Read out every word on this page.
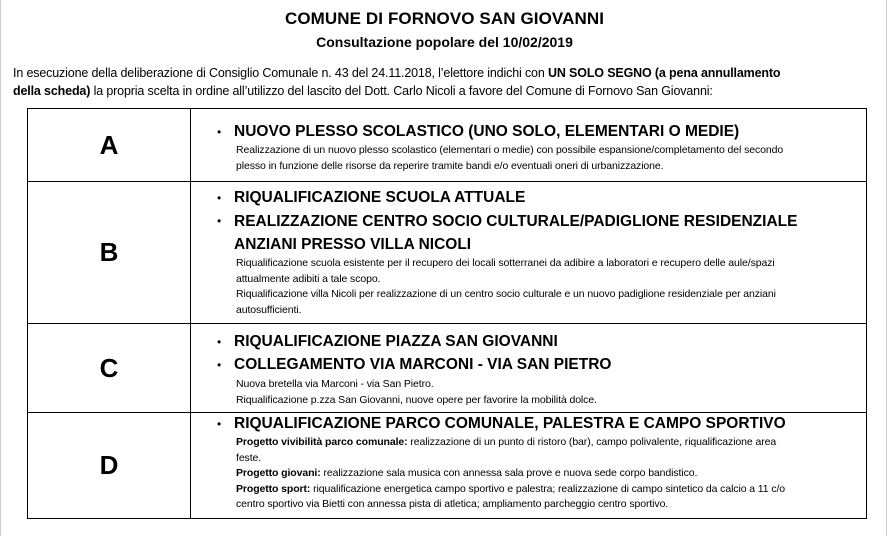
COMUNE DI FORNOVO SAN GIOVANNI
Consultazione popolare del 10/02/2019
In esecuzione della deliberazione di Consiglio Comunale n. 43 del 24.11.2018, l’elettore indichi con UN SOLO SEGNO (a pena annullamento
della scheda) la propria scelta in ordine all’utilizzo del lascito del Dott. Carlo Nicoli a favore del Comune di Fornovo San Giovanni:
A	• NUOVO PLESSO SCOLASTICO (UNO SOLO, ELEMENTARI O MEDIE)
Realizzazione di un nuovo plesso scolastico (elementari o medie) con possibile espansione/completamento del secondo
plesso in funzione delle risorse da reperire tramite bandi e/o eventuali oneri di urbanizzazione.
B
• RIQUALIFICAZIONE SCUOLA ATTUALE
• REALIZZAZIONE CENTRO SOCIO CULTURALE/PADIGLIONE RESIDENZIALE
ANZIANI PRESSO VILLA NICOLI
Riqualificazione scuola esistente per il recupero dei locali sotterranei da adibire a laboratori e recupero delle aule/spazi
attualmente adibiti a tale scopo.
Riqualificazione villa Nicoli per realizzazione di un centro socio culturale e un nuovo padiglione residenziale per anziani
autosufficienti.
C
• RIQUALIFICAZIONE PIAZZA SAN GIOVANNI
• COLLEGAMENTO VIA MARCONI - VIA SAN PIETRO
Nuova bretella via Marconi - via San Pietro.
Riqualificazione p.zza San Giovanni, nuove opere per favorire la mobilità dolce.
D
• RIQUALIFICAZIONE PARCO COMUNALE, PALESTRA E CAMPO SPORTIVO
Progetto vivibilità parco comunale: realizzazione di un punto di ristoro (bar), campo polivalente, riqualificazione area
feste.
Progetto giovani: realizzazione sala musica con annessa sala prove e nuova sede corpo bandistico.
Progetto sport: riqualificazione energetica campo sportivo e palestra; realizzazione di campo sintetico da calcio a 11 c/o
centro sportivo via Bietti con annessa pista di atletica; ampliamento parcheggio centro sportivo.
